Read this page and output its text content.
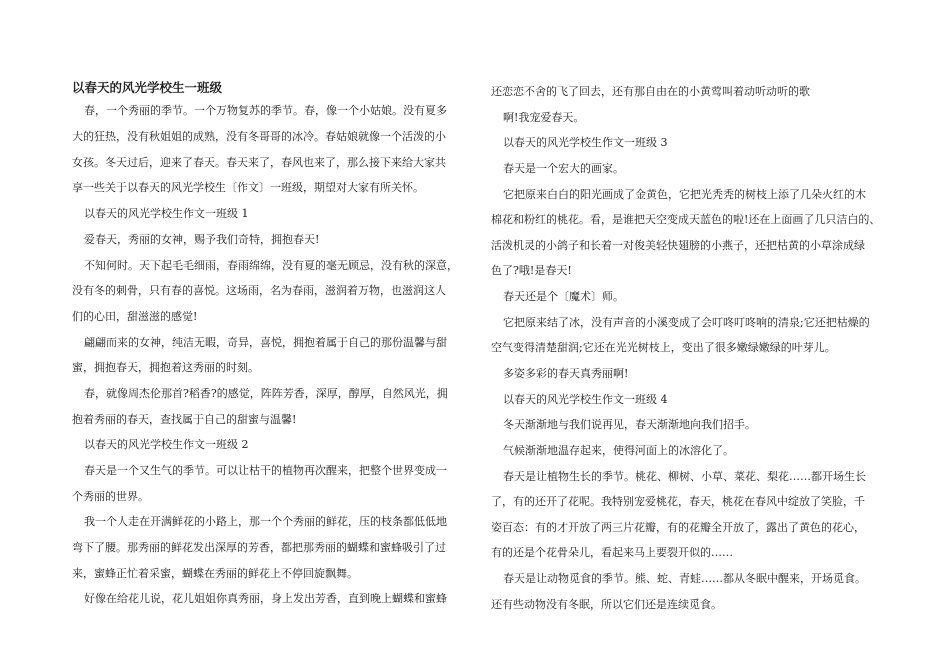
以春天的风光学校生一班级
春，一个秀丽的季节。一个万物复苏的季节。春，像一个小姑娘。没有夏多
大的狂热，没有秋姐姐的成熟，没有冬哥哥的冰冷。春姑娘就像一个活泼的小
女孩。冬天过后，迎来了春天。春天来了，春风也来了，那么接下来给大家共
享一些关于以春天的风光学校生〔作文〕一班级，期望对大家有所关怀。
以春天的风光学校生作文一班级 1
爱春天，秀丽的女神，赐予我们奇特，拥抱春天!
不知何时。天下起毛毛细雨，春雨绵绵，没有夏的毫无顾忌，没有秋的深意，
没有冬的刺骨，只有春的喜悦。这场雨，名为春雨，滋润着万物，也滋润这人
们的心田，甜滋滋的感觉!
翩翩而来的女神，纯洁无暇，奇异，喜悦，拥抱着属于自己的那份温馨与甜
蜜，拥抱春天，拥抱着这秀丽的时刻。
春，就像周杰伦那首?稻香?的感觉，阵阵芳香，深厚，醇厚，自然风光，拥
抱着秀丽的春天，查找属于自己的甜蜜与温馨!
以春天的风光学校生作文一班级 2
春天是一个又生气的季节。可以让枯干的植物再次醒来，把整个世界变成一
个秀丽的世界。
我一个人走在开满鲜花的小路上，那一个个秀丽的鲜花，压的枝条都低低地
弯下了腰。那秀丽的鲜花发出深厚的芳香，都把那秀丽的蝴蝶和蜜蜂吸引了过
来，蜜蜂正忙着采蜜，蝴蝶在秀丽的鲜花上不停回旋飘舞。
好像在给花儿说，花儿姐姐你真秀丽，身上发出芳香，直到晚上蝴蝶和蜜蜂
还恋恋不舍的飞了回去，还有那自由在的小黄莺叫着动听动听的歌
啊!我宠爱春天。
以春天的风光学校生作文一班级 3
春天是一个宏大的画家。
它把原来白白的阳光画成了金黄色，它把光秃秃的树枝上添了几朵火红的木
棉花和粉红的桃花。看，是谁把天空变成天蓝色的啦!还在上面画了几只洁白的、
活泼机灵的小鸽子和长着一对俊美轻快翅膀的小燕子，还把枯黄的小草涂成绿
色了?哦!是春天!
春天还是个〔魔术〕师。
它把原来结了冰，没有声音的小溪变成了会叮咚叮咚响的清泉;它还把枯燥的
空气变得清楚甜润;它还在光光树枝上，变出了很多嫩绿嫩绿的叶芽儿。
多姿多彩的春天真秀丽啊!
以春天的风光学校生作文一班级 4
冬天渐渐地与我们说再见，春天渐渐地向我们招手。
气候渐渐地温存起来，使得河面上的冰溶化了。
春天是让植物生长的季节。桃花、柳树、小草、菜花、梨花……都开场生长
了，有的还开了花呢。我特别宠爱桃花，春天，桃花在春风中绽放了笑脸，千
姿百态：有的才开放了两三片花瓣，有的花瓣全开放了，露出了黄色的花心，
有的还是个花骨朵儿，看起来马上要裂开似的……
春天是让动物觅食的季节。熊、蛇、青蛙……都从冬眠中醒来，开场觅食。
还有些动物没有冬眠，所以它们还是连续觅食。
